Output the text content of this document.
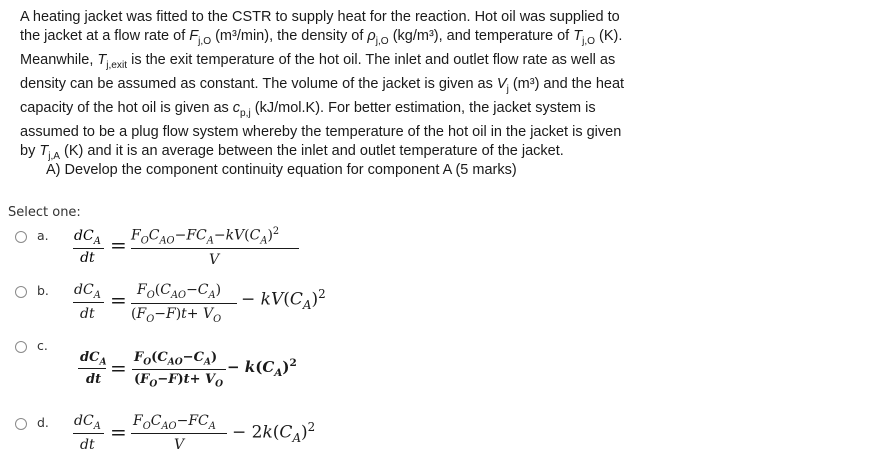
A heating jacket was fitted to the CSTR to supply heat for the reaction. Hot oil was supplied to
the jacket at a flow rate of $F_{j,O}$ (m³/min), the density of $\rho_{j,O}$ (kg/m³), and temperature of $T_{j,O}$ (K).
Meanwhile, $T_{j,exit}$ is the exit temperature of the hot oil. The inlet and outlet flow rate as well as
density can be assumed as constant. The volume of the jacket is given as $V_j$ (m³) and the heat
capacity of the hot oil is given as $c_{p,j}$ (kJ/mol.K). For better estimation, the jacket system is
assumed to be a plug flow system whereby the temperature of the hot oil in the jacket is given
by $T_{j,A}$ (K) and it is an average between the inlet and outlet temperature of the jacket.
A) Develop the component continuity equation for component A (5 marks)
Select one:
a. $dC_A$
dt
= $F_OC_{AO}-FC_A-kV(C_A)^2$
V
b. $dC_A$
dt
= $F_O(C_{AO}-C_A)$
$(F_O-F)t+ V_O$
− $kV(C_A)^2$
c.
$dC_A$
dt = $F_O(C_{AO}-C_A)$
$(F_O-F)t+ V_O$
− $k(C_A)^2$
d. $dC_A$
dt
= $F_OC_{AO}-FC_A$
V
− $2k(C_A)^2$
